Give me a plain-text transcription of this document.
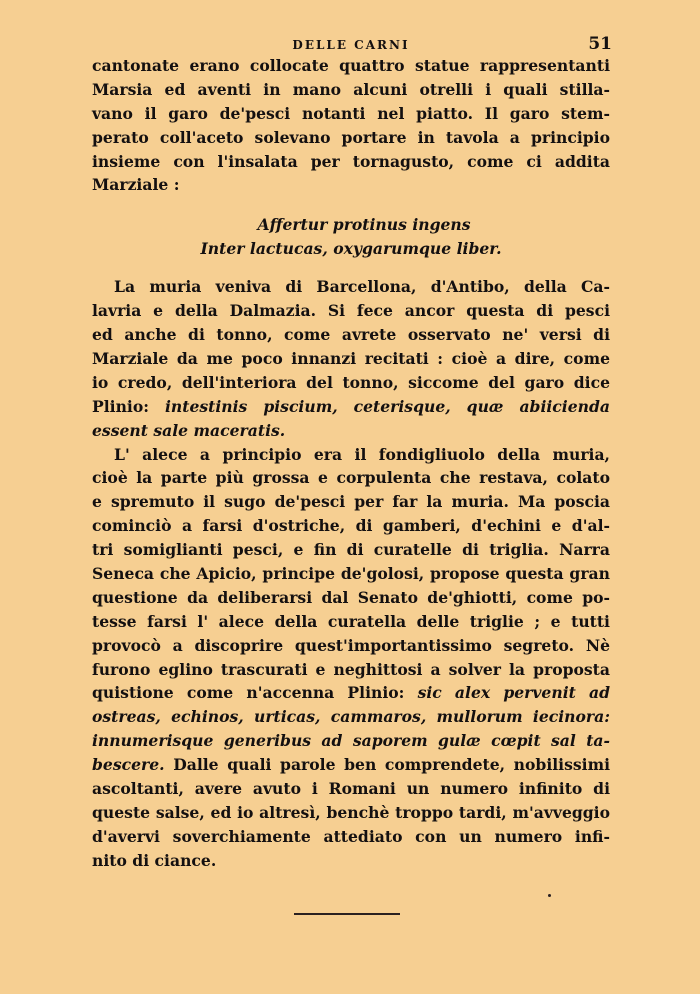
DELLE CARNI	51
cantonate erano collocate quattro statue rappresentanti
Marsia ed aventi in mano alcuni otrelli i quali stilla-
vano il garo de'pesci notanti nel piatto. Il garo stem-
perato coll'aceto solevano portare in tavola a principio
insieme con l'insalata per tornagusto, come ci addita
Marziale :
Affertur protinus ingens
Inter lactucas, oxygarumque liber.
La muria veniva di Barcellona, d'Antibo, della Ca-
lavria e della Dalmazia. Si fece ancor questa di pesci
ed anche di tonno, come avrete osservato ne' versi di
Marziale da me poco innanzi recitati : cioè a dire, come
io credo, dell'interiora del tonno, siccome del garo dice
Plinio: intestinis piscium, ceterisque, quæ abiicienda
essent sale maceratis.
L' alece a principio era il fondigliuolo della muria,
cioè la parte più grossa e corpulenta che restava, colato
e spremuto il sugo de'pesci per far la muria. Ma poscia
cominciò a farsi d'ostriche, di gamberi, d'echini e d'al-
tri somiglianti pesci, e fin di curatelle di triglia. Narra
Seneca che Apicio, principe de'golosi, propose questa gran
questione da deliberarsi dal Senato de'ghiotti, come po-
tesse farsi l' alece della curatella delle triglie ; e tutti
provocò a discoprire quest'importantissimo segreto. Nè
furono eglino trascurati e neghittosi a solver la proposta
quistione come n'accenna Plinio: sic alex pervenit ad
ostreas, echinos, urticas, cammaros, mullorum iecinora:
innumerisque generibus ad saporem gulæ cœpit sal ta-
bescere. Dalle quali parole ben comprendete, nobilissimi
ascoltanti, avere avuto i Romani un numero infinito di
queste salse, ed io altresì, benchè troppo tardi, m'avveggio
d'avervi soverchiamente attediato con un numero infi-
nito di ciance.
